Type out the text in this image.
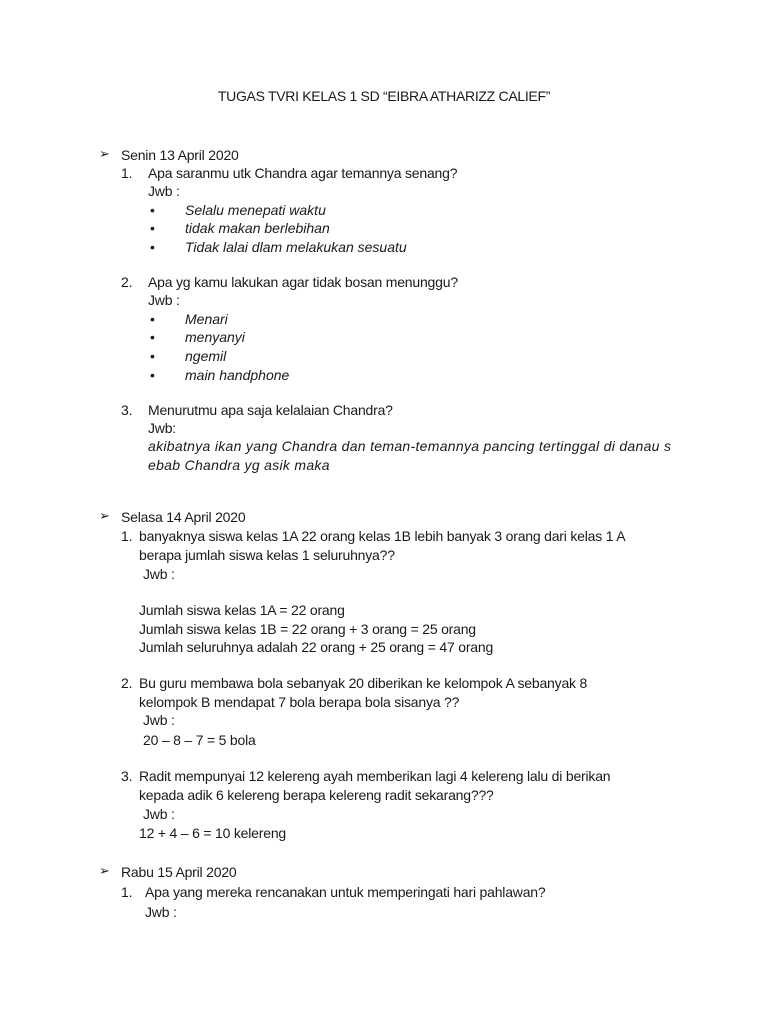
TUGAS TVRI KELAS 1 SD “EIBRA ATHARIZZ CALIEF”
➢ Senin 13 April 2020
1. Apa saranmu utk Chandra agar temannya senang?
Jwb :
• Selalu menepati waktu
• tidak makan berlebihan
• Tidak lalai dlam melakukan sesuatu
2. Apa yg kamu lakukan agar tidak bosan menunggu?
Jwb :
• Menari
• menyanyi
• ngemil
• main handphone
3. Menurutmu apa saja kelalaian Chandra?
Jwb:
akibatnya ikan yang Chandra dan teman-temannya pancing tertinggal di danau s
ebab Chandra yg asik maka
➢ Selasa 14 April 2020
1. banyaknya siswa kelas 1A 22 orang kelas 1B lebih banyak 3 orang dari kelas 1 A
berapa jumlah siswa kelas 1 seluruhnya??
Jwb :
Jumlah siswa kelas 1A = 22 orang
Jumlah siswa kelas 1B = 22 orang + 3 orang = 25 orang
Jumlah seluruhnya adalah 22 orang + 25 orang = 47 orang
2. Bu guru membawa bola sebanyak 20 diberikan ke kelompok A sebanyak 8
kelompok B mendapat 7 bola berapa bola sisanya ??
Jwb :
20 – 8 – 7 = 5 bola
3. Radit mempunyai 12 kelereng ayah memberikan lagi 4 kelereng lalu di berikan
kepada adik 6 kelereng berapa kelereng radit sekarang???
Jwb :
12 + 4 – 6 = 10 kelereng
➢ Rabu 15 April 2020
1. Apa yang mereka rencanakan untuk memperingati hari pahlawan?
Jwb :
